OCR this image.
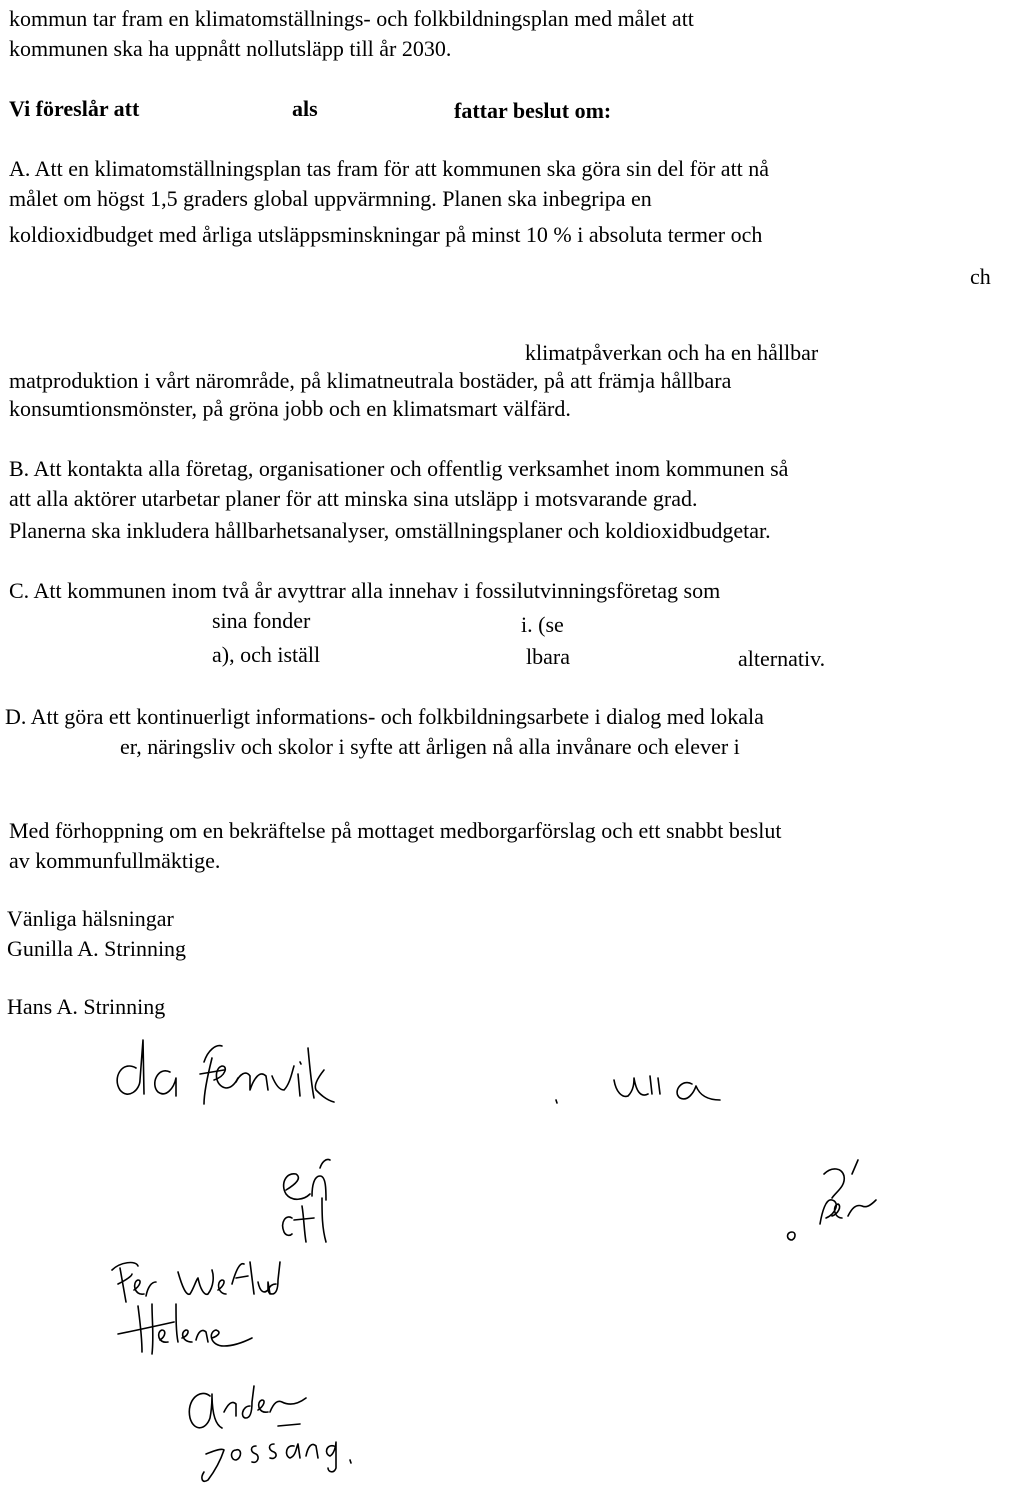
kommun tar fram en klimatomställnings- och folkbildningsplan med målet att
kommunen ska ha uppnått nollutsläpp till år 2030.
Vi föreslår att	als	fattar beslut om:
A. Att en klimatomställningsplan tas fram för att kommunen ska göra sin del för att nå
målet om högst 1,5 graders global uppvärmning. Planen ska inbegripa en
koldioxidbudget med årliga utsläppsminskningar på minst 10 % i absoluta termer och
ch
klimatpåverkan och ha en hållbar
matproduktion i vårt närområde, på klimatneutrala bostäder, på att främja hållbara
konsumtionsmönster, på gröna jobb och en klimatsmart välfärd.
B. Att kontakta alla företag, organisationer och offentlig verksamhet inom kommunen så
att alla aktörer utarbetar planer för att minska sina utsläpp i motsvarande grad.
Planerna ska inkludera hållbarhetsanalyser, omställningsplaner och koldioxidbudgetar.
C. Att kommunen inom två år avyttrar alla innehav i fossilutvinningsföretag som
sina fonder	i. (se
a), och iställ	lbara	alternativ.
D. Att göra ett kontinuerligt informations- och folkbildningsarbete i dialog med lokala
er, näringsliv och skolor i syfte att årligen nå alla invånare och elever i
Med förhoppning om en bekräftelse på mottaget medborgarförslag och ett snabbt beslut
av kommunfullmäktige.
Vänliga hälsningar
Gunilla A. Strinning
Hans A. Strinning
